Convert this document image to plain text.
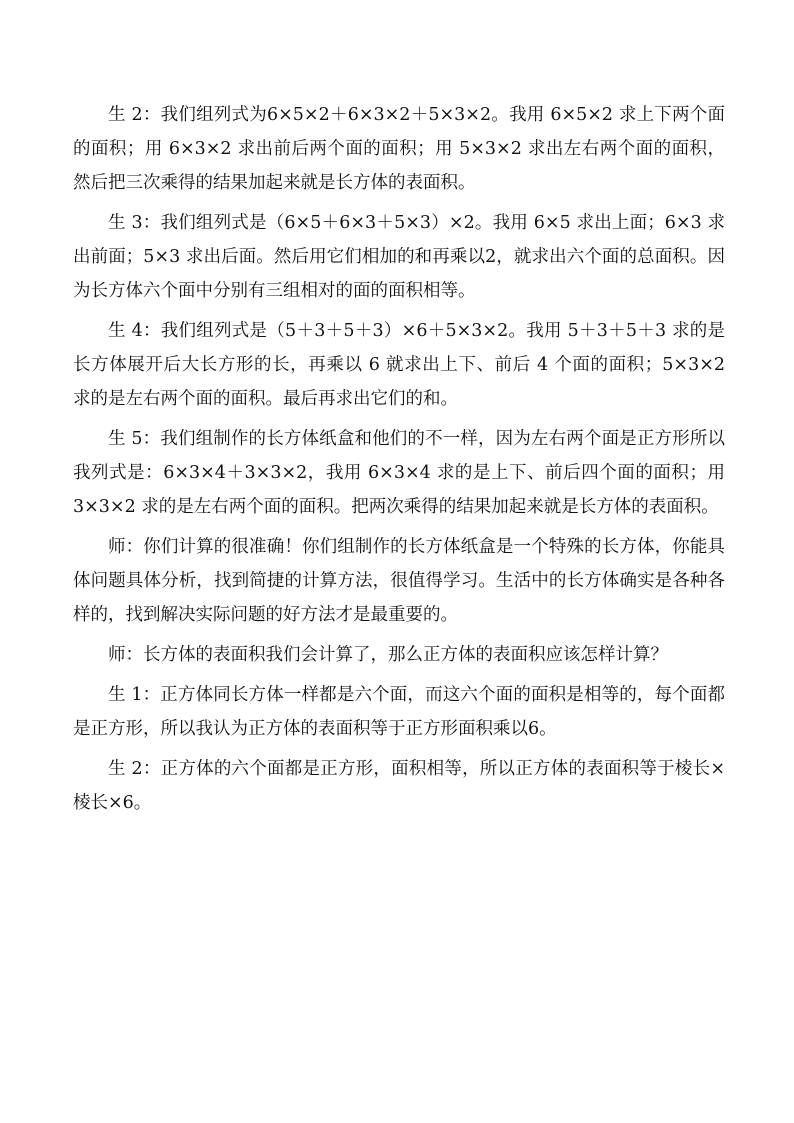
生 2：我们组列式为6×5×2＋6×3×2＋5×3×2。我用 6×5×2 求上下两个面的面积；用 6×3×2 求出前后两个面的面积；用 5×3×2 求出左右两个面的面积，然后把三次乘得的结果加起来就是长方体的表面积。

生 3：我们组列式是（6×5＋6×3＋5×3）×2。我用 6×5 求出上面；6×3 求出前面；5×3 求出后面。然后用它们相加的和再乘以2，就求出六个面的总面积。因为长方体六个面中分别有三组相对的面的面积相等。

生 4：我们组列式是（5＋3＋5＋3）×6＋5×3×2。我用 5＋3＋5＋3 求的是长方体展开后大长方形的长，再乘以 6 就求出上下、前后 4 个面的面积；5×3×2 求的是左右两个面的面积。最后再求出它们的和。

生 5：我们组制作的长方体纸盒和他们的不一样，因为左右两个面是正方形所以我列式是：6×3×4＋3×3×2，我用 6×3×4 求的是上下、前后四个面的面积；用 3×3×2 求的是左右两个面的面积。把两次乘得的结果加起来就是长方体的表面积。

师：你们计算的很准确！你们组制作的长方体纸盒是一个特殊的长方体，你能具体问题具体分析，找到简捷的计算方法，很值得学习。生活中的长方体确实是各种各样的，找到解决实际问题的好方法才是最重要的。

师：长方体的表面积我们会计算了，那么正方体的表面积应该怎样计算？

生 1：正方体同长方体一样都是六个面，而这六个面的面积是相等的，每个面都是正方形，所以我认为正方体的表面积等于正方形面积乘以6。

生 2：正方体的六个面都是正方形，面积相等，所以正方体的表面积等于棱长×棱长×6。
